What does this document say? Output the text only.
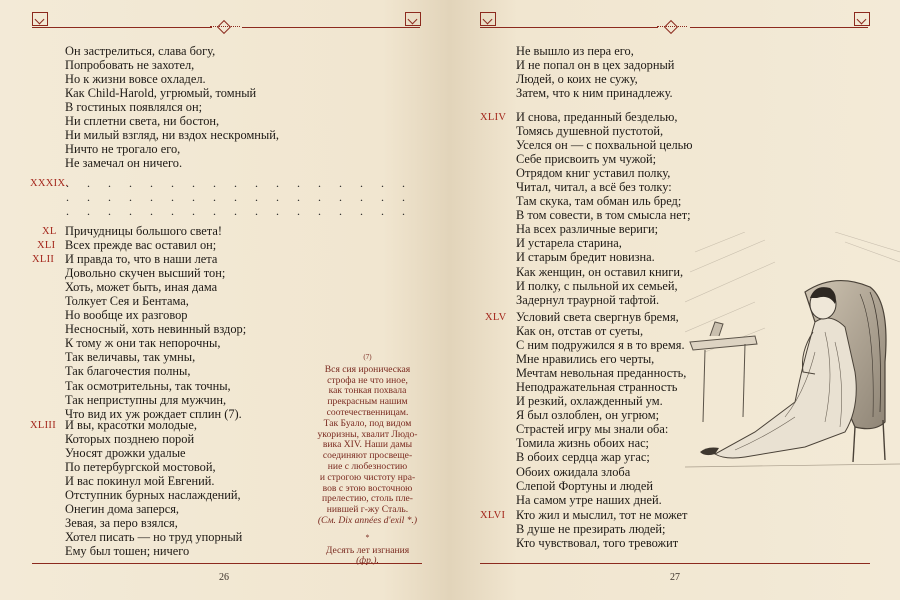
Он застрелиться, слава богу,
Попробовать не захотел,
Но к жизни вовсе охладел.
Как Child-Harold, угрюмый, томный
В гостиных появлялся он;
Ни сплетни света, ни бостон,
Ни милый взгляд, ни вздох нескромный,
Ничто не трогало его,
Не замечал он ничего.
XXXIX.
. . . . . . . . . . . . . . . . .
. . . . . . . . . . . . . . . . .
. . . . . . . . . . . . . . . . .
XL
XLI
XLII
Причудницы большого света!
Всех прежде вас оставил он;
И правда то, что в наши лета
Довольно скучен высший тон;
Хоть, может быть, иная дама
Толкует Сея и Бентама,
Но вообще их разговор
Несносный, хоть невинный вздор;
К тому ж они так непорочны,
Так величавы, так умны,
Так благочестия полны,
Так осмотрительны, так точны,
Так неприступны для мужчин,
Что вид их уж рождает сплин (7).
XLIII И вы, красотки молодые,
Которых позднею порой
Уносят дрожки удалые
По петербургской мостовой,
И вас покинул мой Евгений.
Отступник бурных наслаждений,
Онегин дома заперся,
Зевая, за перо взялся,
Хотел писать — но труд упорный
Ему был тошен; ничего
(7)
Вся сия ироническая
строфа не что иное,
как тонкая похвала
прекрасным нашим
соотечественницам.
Так Буало, под видом
укоризны, хвалит Людо-
вика XIV. Наши дамы
соединяют просвеще-
ние с любезностию
и строгою чистоту нра-
вов с этою восточною
прелестию, столь пле-
нившей г-жу Сталь.
(См. Dix années d'exil *.)
*
Десять лет изгнания
(фр.).
26
Не вышло из пера его,
И не попал он в цех задорный
Людей, о коих не сужу,
Затем, что к ним принадлежу.
XLIV И снова, преданный безделью,
Томясь душевной пустотой,
Уселся он — с похвальной целью
Себе присвоить ум чужой;
Отрядом книг уставил полку,
Читал, читал, а всё без толку:
Там скука, там обман иль бред;
В том совести, в том смысла нет;
На всех различные вериги;
И устарела старина,
И старым бредит новизна.
Как женщин, он оставил книги,
И полку, с пыльной их семьей,
Задернул траурной тафтой.
XLV Условий света свергнув бремя,
Как он, отстав от суеты,
С ним подружился я в то время.
Мне нравились его черты,
Мечтам невольная преданность,
Неподражательная странность
И резкий, охлажденный ум.
Я был озлоблен, он угрюм;
Страстей игру мы знали оба:
Томила жизнь обоих нас;
В обоих сердца жар угас;
Обоих ожидала злоба
Слепой Фортуны и людей
На самом утре наших дней.
XLVI Кто жил и мыслил, тот не может
В душе не презирать людей;
Кто чувствовал, того тревожит
27
